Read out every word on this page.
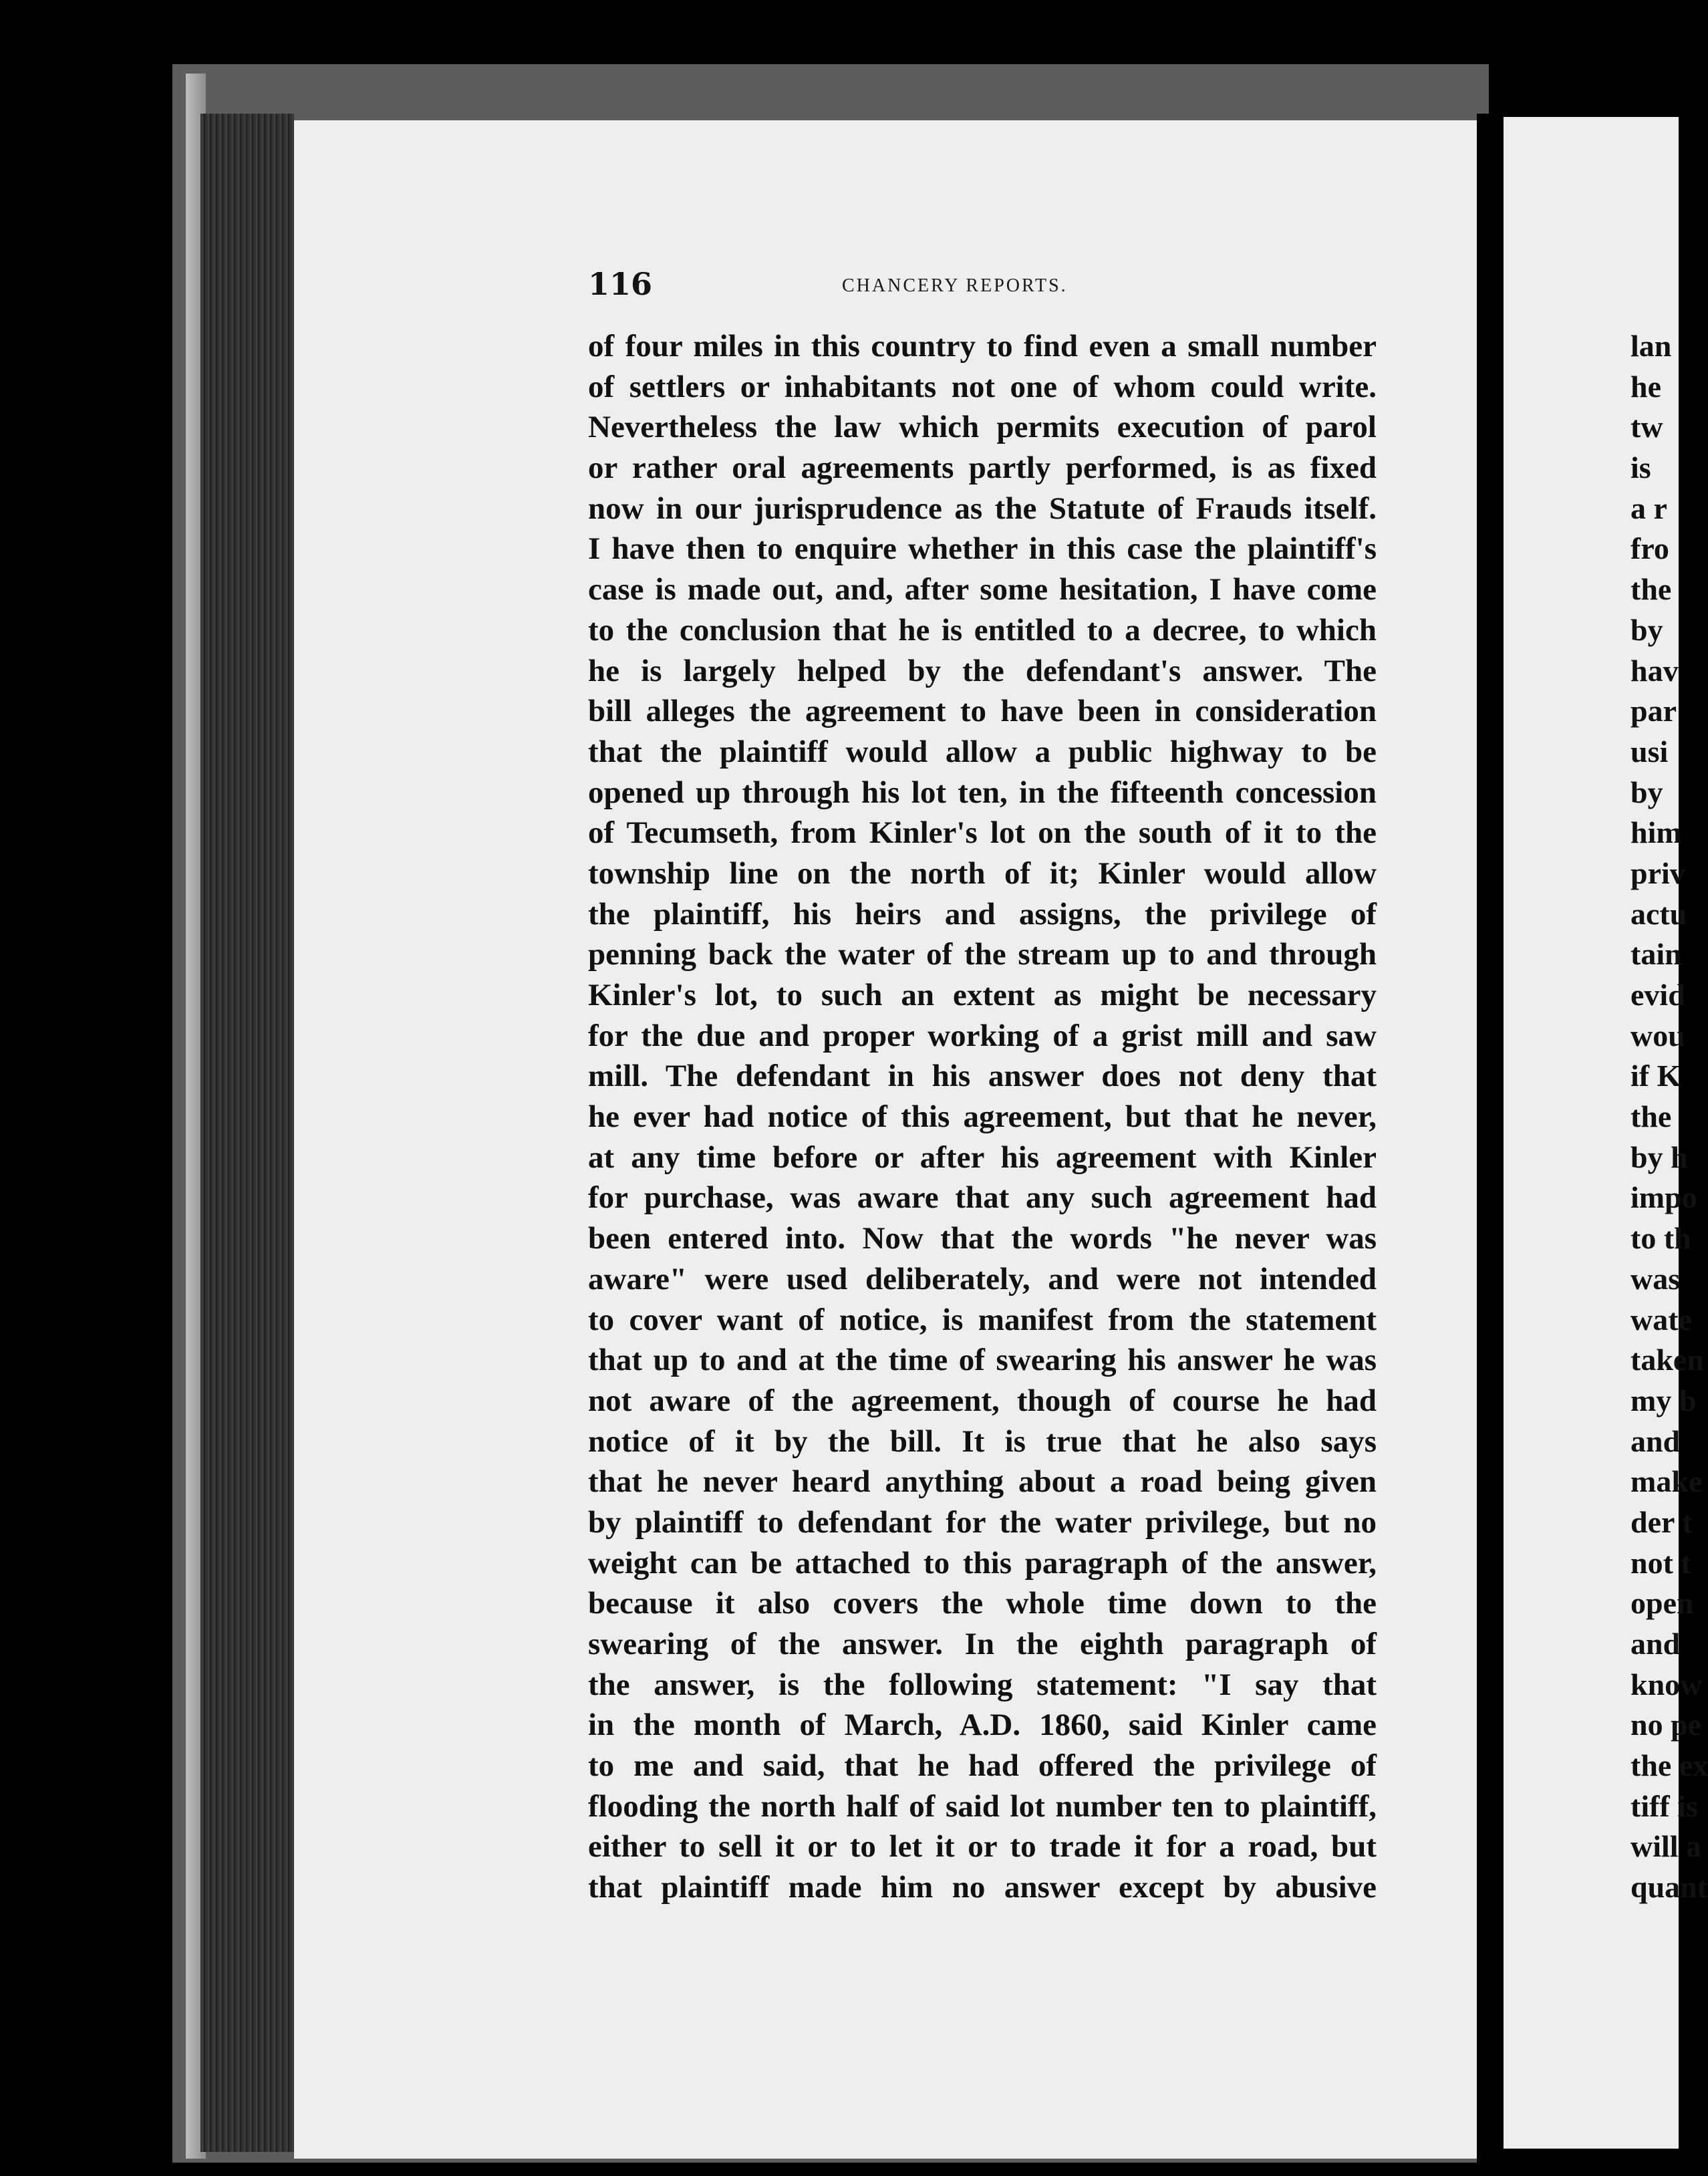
116	CHANCERY REPORTS.
of four miles in this country to find even a small number
of settlers or inhabitants not one of whom could write.
Nevertheless the law which permits execution of parol
or rather oral agreements partly performed, is as fixed
now in our jurisprudence as the Statute of Frauds itself.
I have then to enquire whether in this case the plaintiff's
case is made out, and, after some hesitation, I have come
to the conclusion that he is entitled to a decree, to which
he is largely helped by the defendant's answer. The
bill alleges the agreement to have been in consideration
that the plaintiff would allow a public highway to be
opened up through his lot ten, in the fifteenth concession
of Tecumseth, from Kinler's lot on the south of it to the
township line on the north of it; Kinler would allow
the plaintiff, his heirs and assigns, the privilege of
penning back the water of the stream up to and through
Kinler's lot, to such an extent as might be necessary
for the due and proper working of a grist mill and saw
mill. The defendant in his answer does not deny that
he ever had notice of this agreement, but that he never,
at any time before or after his agreement with Kinler
for purchase, was aware that any such agreement had
been entered into. Now that the words "he never was
aware" were used deliberately, and were not intended
to cover want of notice, is manifest from the statement
that up to and at the time of swearing his answer he was
not aware of the agreement, though of course he had
notice of it by the bill. It is true that he also says
that he never heard anything about a road being given
by plaintiff to defendant for the water privilege, but no
weight can be attached to this paragraph of the answer,
because it also covers the whole time down to the
swearing of the answer. In the eighth paragraph of
the answer, is the following statement: "I say that
in the month of March, A.D. 1860, said Kinler came
to me and said, that he had offered the privilege of
flooding the north half of said lot number ten to plaintiff,
either to sell it or to let it or to trade it for a road, but
that plaintiff made him no answer except by abusive
lan
he
tw
is
a r
fro
the
by
hav
par
usi
by
him
priv
actu
tain
evid
wou
if K
the
by h
impo
to th
was
wate
taken
my b
and
make
der t
not t
open
and
know
no pe
the ex
tiff is
will a
quant
